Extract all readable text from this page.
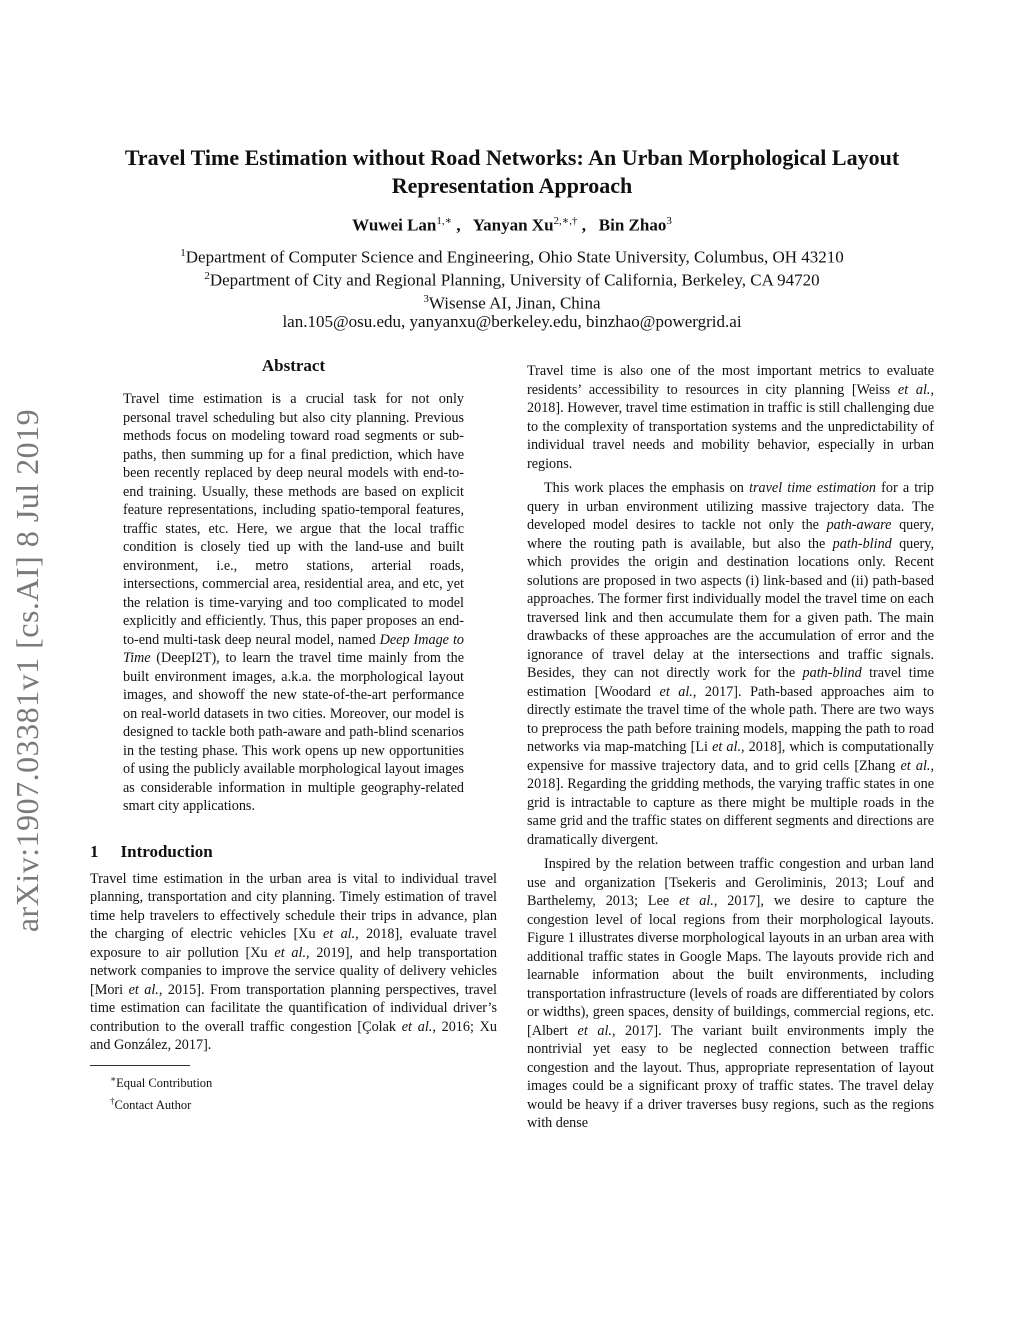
arXiv:1907.03381v1 [cs.AI] 8 Jul 2019
Travel Time Estimation without Road Networks: An Urban Morphological Layout Representation Approach
Wuwei Lan$^{1,∗}$ ,   Yanyan Xu$^{2,∗,\dagger}$ ,   Bin Zhao$^3$
$^1$Department of Computer Science and Engineering, Ohio State University, Columbus, OH 43210
$^2$Department of City and Regional Planning, University of California, Berkeley, CA 94720
$^3$Wisense AI, Jinan, China
lan.105@osu.edu, yanyanxu@berkeley.edu, binzhao@powergrid.ai
Abstract
Travel time estimation is a crucial task for not only personal travel scheduling but also city planning. Previous methods focus on modeling toward road segments or sub-paths, then summing up for a final prediction, which have been recently replaced by deep neural models with end-to-end training. Usually, these methods are based on explicit feature representations, including spatio-temporal features, traffic states, etc. Here, we argue that the local traffic condition is closely tied up with the land-use and built environment, i.e., metro stations, arterial roads, intersections, commercial area, residential area, and etc, yet the relation is time-varying and too complicated to model explicitly and efficiently. Thus, this paper proposes an end-to-end multi-task deep neural model, named Deep Image to Time (DeepI2T), to learn the travel time mainly from the built environment images, a.k.a. the morphological layout images, and showoff the new state-of-the-art performance on real-world datasets in two cities. Moreover, our model is designed to tackle both path-aware and path-blind scenarios in the testing phase. This work opens up new opportunities of using the publicly available morphological layout images as considerable information in multiple geography-related smart city applications.
1 Introduction

Travel time estimation in the urban area is vital to individual travel planning, transportation and city planning. Timely estimation of travel time help travelers to effectively schedule their trips in advance, plan the charging of electric vehicles [Xu et al., 2018], evaluate travel exposure to air pollution [Xu et al., 2019], and help transportation network companies to improve the service quality of delivery vehicles [Mori et al., 2015]. From transportation planning perspectives, travel time estimation can facilitate the quantification of individual driver’s contribution to the overall traffic congestion [Çolak et al., 2016; Xu and González, 2017].

∗Equal Contribution
†Contact Author

Travel time is also one of the most important metrics to evaluate residents’ accessibility to resources in city planning [Weiss et al., 2018]. However, travel time estimation in traffic is still challenging due to the complexity of transportation systems and the unpredictability of individual travel needs and mobility behavior, especially in urban regions.

This work places the emphasis on travel time estimation for a trip query in urban environment utilizing massive trajectory data. The developed model desires to tackle not only the path-aware query, where the routing path is available, but also the path-blind query, which provides the origin and destination locations only. Recent solutions are proposed in two aspects (i) link-based and (ii) path-based approaches. The former first individually model the travel time on each traversed link and then accumulate them for a given path. The main drawbacks of these approaches are the accumulation of error and the ignorance of travel delay at the intersections and traffic signals. Besides, they can not directly work for the path-blind travel time estimation [Woodard et al., 2017]. Path-based approaches aim to directly estimate the travel time of the whole path. There are two ways to preprocess the path before training models, mapping the path to road networks via map-matching [Li et al., 2018], which is computationally expensive for massive trajectory data, and to grid cells [Zhang et al., 2018]. Regarding the gridding methods, the varying traffic states in one grid is intractable to capture as there might be multiple roads in the same grid and the traffic states on different segments and directions are dramatically divergent.

Inspired by the relation between traffic congestion and urban land use and organization [Tsekeris and Geroliminis, 2013; Louf and Barthelemy, 2013; Lee et al., 2017], we desire to capture the congestion level of local regions from their morphological layouts. Figure 1 illustrates diverse morphological layouts in an urban area with additional traffic states in Google Maps. The layouts provide rich and learnable information about the built environments, including transportation infrastructure (levels of roads are differentiated by colors or widths), green spaces, density of buildings, commercial regions, etc. [Albert et al., 2017]. The variant built environments imply the nontrivial yet easy to be neglected connection between traffic congestion and the layout. Thus, appropriate representation of layout images could be a significant proxy of traffic states. The travel delay would be heavy if a driver traverses busy regions, such as the regions with dense
